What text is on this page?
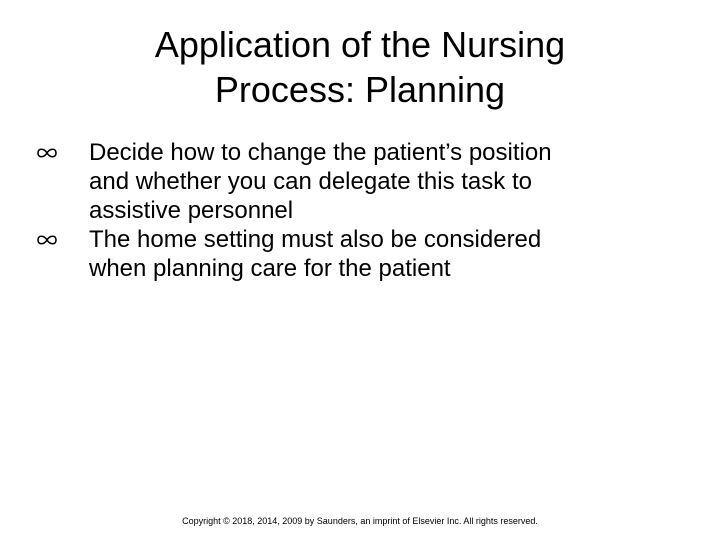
Application of the Nursing
Process: Planning
Decide how to change the patient’s position
and whether you can delegate this task to
assistive personnel
The home setting must also be considered
when planning care for the patient
Copyright © 2018, 2014, 2009 by Saunders, an imprint of Elsevier Inc. All rights reserved.
